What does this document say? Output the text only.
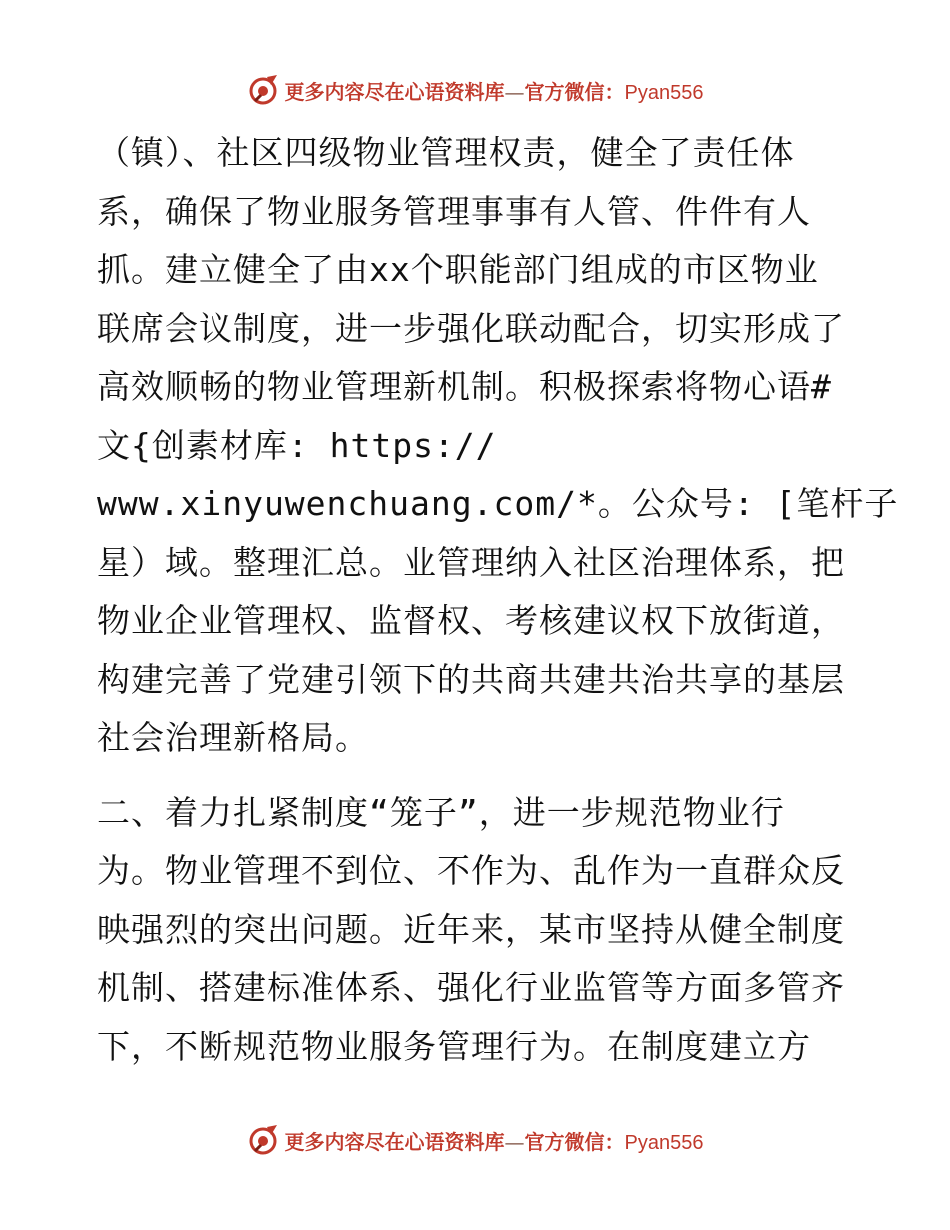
更多内容尽在心语资料库—官方微信：Pyan556

（镇）、社区四级物业管理权责，健全了责任体

系，确保了物业服务管理事事有人管、件件有人

抓。建立健全了由xx个职能部门组成的市区物业

联席会议制度，进一步强化联动配合，切实形成了

高效顺畅的物业管理新机制。积极探索将物心语#

文{创素材库: https://

www.xinyuwenchuang.com/*。公众号: [笔杆子

星）域。整理汇总。业管理纳入社区治理体系，把

物业企业管理权、监督权、考核建议权下放街道，

构建完善了党建引领下的共商共建共治共享的基层

社会治理新格局。

二、着力扎紧制度“笼子”，进一步规范物业行

为。物业管理不到位、不作为、乱作为一直群众反

映强烈的突出问题。近年来，某市坚持从健全制度

机制、搭建标准体系、强化行业监管等方面多管齐

下，不断规范物业服务管理行为。在制度建立方

更多内容尽在心语资料库—官方微信：Pyan556
